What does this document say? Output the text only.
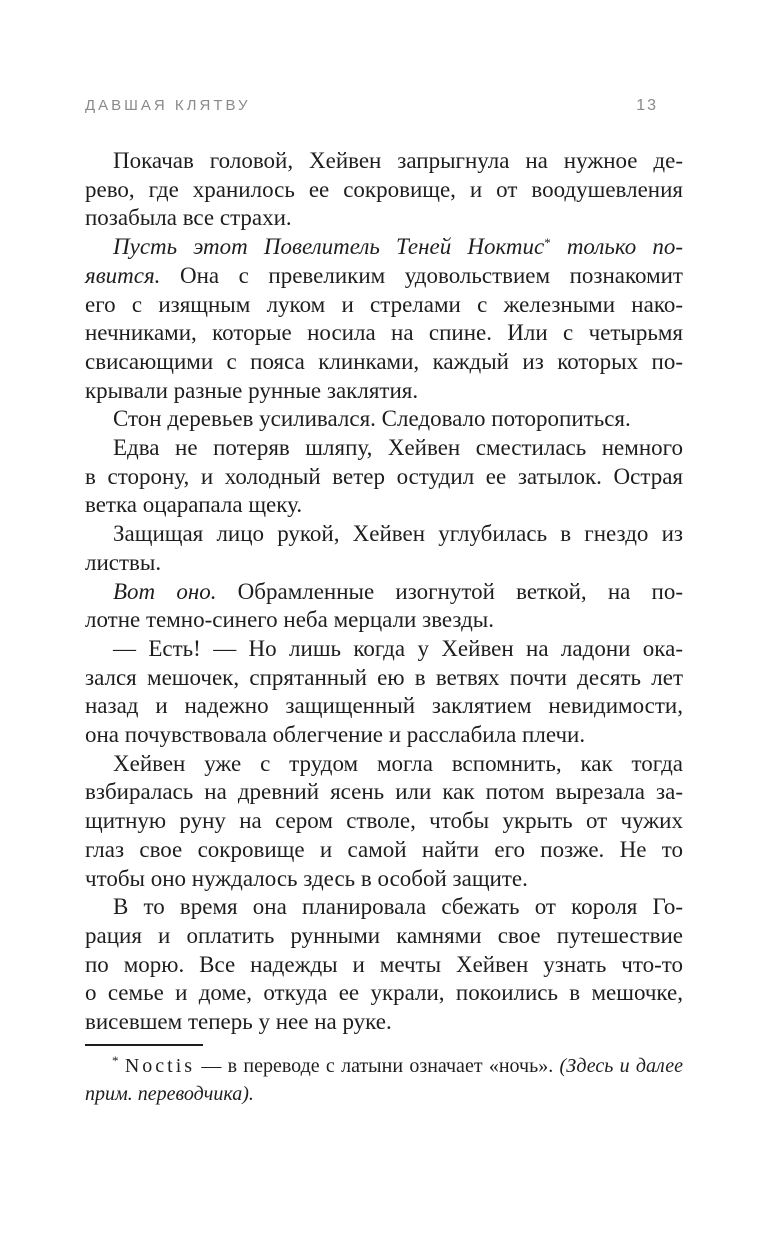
ДАВШАЯ КЛЯТВУ	13
Покачав головой, Хейвен запрыгнула на нужное де-
рево, где хранилось ее сокровище, и от воодушевления
позабыла все страхи.
Пусть этот Повелитель Теней Ноктис* только по-
явится. Она с превеликим удовольствием познакомит
его с изящным луком и стрелами с железными нако-
нечниками, которые носила на спине. Или с четырьмя
свисающими с пояса клинками, каждый из которых по-
крывали разные рунные заклятия.
Стон деревьев усиливался. Следовало поторопиться.
Едва не потеряв шляпу, Хейвен сместилась немного
в сторону, и холодный ветер остудил ее затылок. Острая
ветка оцарапала щеку.
Защищая лицо рукой, Хейвен углубилась в гнездо из
листвы.
Вот оно. Обрамленные изогнутой веткой, на по-
лотне темно-синего неба мерцали звезды.
— Есть! — Но лишь когда у Хейвен на ладони ока-
зался мешочек, спрятанный ею в ветвях почти десять лет
назад и надежно защищенный заклятием невидимости,
она почувствовала облегчение и расслабила плечи.
Хейвен уже с трудом могла вспомнить, как тогда
взбиралась на древний ясень или как потом вырезала за-
щитную руну на сером стволе, чтобы укрыть от чужих
глаз свое сокровище и самой найти его позже. Не то
чтобы оно нуждалось здесь в особой защите.
В то время она планировала сбежать от короля Го-
рация и оплатить рунными камнями свое путешествие
по морю. Все надежды и мечты Хейвен узнать что-то
о семье и доме, откуда ее украли, покоились в мешочке,
висевшем теперь у нее на руке.
* Noctis — в переводе с латыни означает «ночь». (Здесь и далее
прим. переводчика).
